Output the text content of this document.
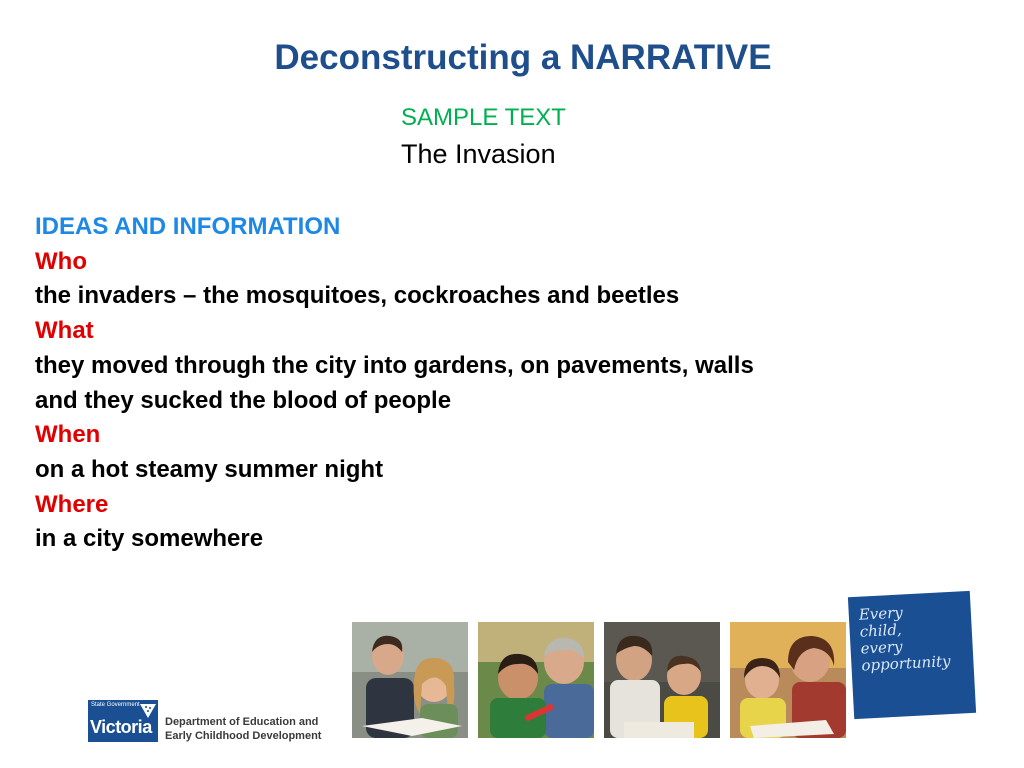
Deconstructing a NARRATIVE
SAMPLE TEXT
The Invasion
IDEAS AND INFORMATION
Who
the invaders – the mosquitoes, cockroaches and beetles
What
they moved through the city into gardens, on pavements, walls
and they sucked the blood of people
When
on a hot steamy summer night
Where
in a city somewhere
Every
child,
every
opportunity
State Government
Victoria Department of Education and
Early Childhood Development
